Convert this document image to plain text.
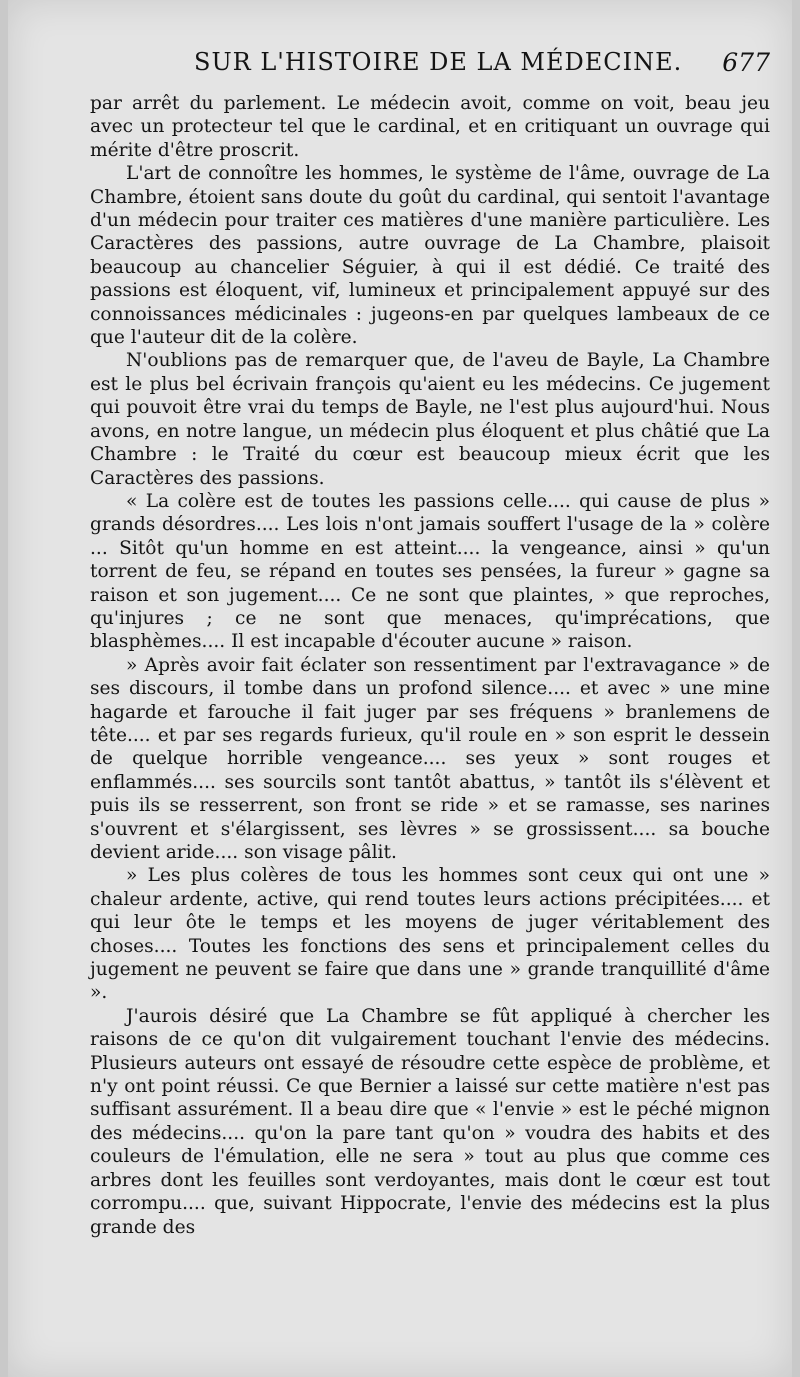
SUR L'HISTOIRE DE LA MÉDECINE. 677

par arrêt du parlement. Le médecin avoit, comme on voit, beau jeu avec un protecteur tel que le cardinal, et en critiquant un ouvrage qui mérite d'être proscrit.

L'art de connoître les hommes, le système de l'âme, ouvrage de La Chambre, étoient sans doute du goût du cardinal, qui sentoit l'avantage d'un médecin pour traiter ces matières d'une manière particulière. Les Caractères des passions, autre ouvrage de La Chambre, plaisoit beaucoup au chancelier Séguier, à qui il est dédié. Ce traité des passions est éloquent, vif, lumineux et principalement appuyé sur des connoissances médicinales : jugeons-en par quelques lambeaux de ce que l'auteur dit de la colère.

N'oublions pas de remarquer que, de l'aveu de Bayle, La Chambre est le plus bel écrivain françois qu'aient eu les médecins. Ce jugement qui pouvoit être vrai du temps de Bayle, ne l'est plus aujourd'hui. Nous avons, en notre langue, un médecin plus éloquent et plus châtié que La Chambre : le Traité du cœur est beaucoup mieux écrit que les Caractères des passions.

« La colère est de toutes les passions celle.... qui cause de plus » grands désordres.... Les lois n'ont jamais souffert l'usage de la » colère ... Sitôt qu'un homme en est atteint.... la vengeance, ainsi » qu'un torrent de feu, se répand en toutes ses pensées, la fureur » gagne sa raison et son jugement.... Ce ne sont que plaintes, » que reproches, qu'injures ; ce ne sont que menaces, qu'imprécations, que blasphèmes.... Il est incapable d'écouter aucune » raison.

» Après avoir fait éclater son ressentiment par l'extravagance » de ses discours, il tombe dans un profond silence.... et avec » une mine hagarde et farouche il fait juger par ses fréquens » branlemens de tête.... et par ses regards furieux, qu'il roule en » son esprit le dessein de quelque horrible vengeance.... ses yeux » sont rouges et enflammés.... ses sourcils sont tantôt abattus, » tantôt ils s'élèvent et puis ils se resserrent, son front se ride » et se ramasse, ses narines s'ouvrent et s'élargissent, ses lèvres » se grossissent.... sa bouche devient aride.... son visage pâlit.

» Les plus colères de tous les hommes sont ceux qui ont une » chaleur ardente, active, qui rend toutes leurs actions précipitées.... et qui leur ôte le temps et les moyens de juger véritablement des choses.... Toutes les fonctions des sens et principalement celles du jugement ne peuvent se faire que dans une » grande tranquillité d'âme ».

J'aurois désiré que La Chambre se fût appliqué à chercher les raisons de ce qu'on dit vulgairement touchant l'envie des médecins. Plusieurs auteurs ont essayé de résoudre cette espèce de problème, et n'y ont point réussi. Ce que Bernier a laissé sur cette matière n'est pas suffisant assurément. Il a beau dire que « l'envie » est le péché mignon des médecins.... qu'on la pare tant qu'on » voudra des habits et des couleurs de l'émulation, elle ne sera » tout au plus que comme ces arbres dont les feuilles sont verdoyantes, mais dont le cœur est tout corrompu.... que, suivant Hippocrate, l'envie des médecins est la plus grande des
